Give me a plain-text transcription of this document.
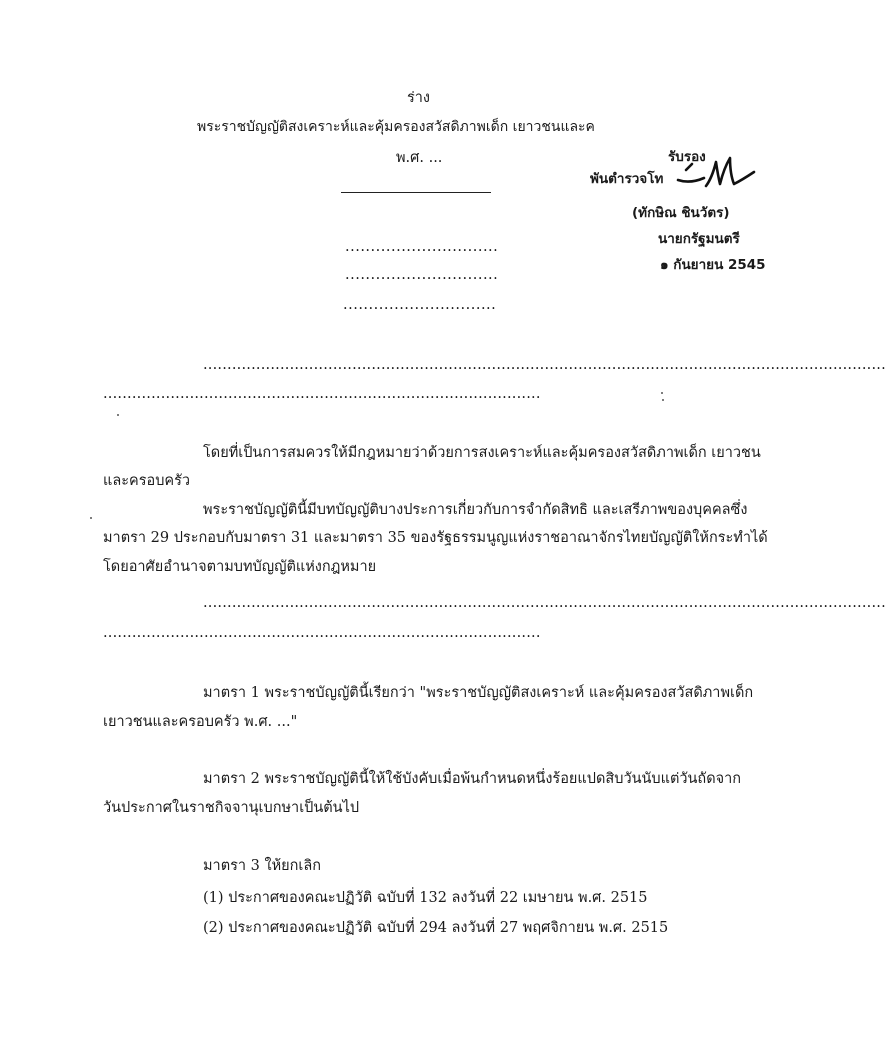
ร่าง
พระราชบัญญัติสงเคราะห์และคุ้มครองสวัสดิภาพเด็ก เยาวชนและค
พ.ศ. ...	รับรอง
พันตำรวจโท
(ทักษิณ ชินวัตร)
นายกรัฐมนตรี
๑ กันยายน 2545
..............................
..............................
..............................
..............................................................................................................................................
...........................................................................................
โดยที่เป็นการสมควรให้มีกฎหมายว่าด้วยการสงเคราะห์และคุ้มครองสวัสดิภาพเด็ก เยาวชน
และครอบครัว
พระราชบัญญัตินี้มีบทบัญญัติบางประการเกี่ยวกับการจำกัดสิทธิ และเสรีภาพของบุคคลซึ่ง
มาตรา 29 ประกอบกับมาตรา 31 และมาตรา 35 ของรัฐธรรมนูญแห่งราชอาณาจักรไทยบัญญัติให้กระทำได้
โดยอาศัยอำนาจตามบทบัญญัติแห่งกฎหมาย
..............................................................................................................................................
...........................................................................................
มาตรา 1 พระราชบัญญัตินี้เรียกว่า "พระราชบัญญัติสงเคราะห์ และคุ้มครองสวัสดิภาพเด็ก
เยาวชนและครอบครัว พ.ศ. ..."
มาตรา 2 พระราชบัญญัตินี้ให้ใช้บังคับเมื่อพ้นกำหนดหนึ่งร้อยแปดสิบวันนับแต่วันถัดจาก
วันประกาศในราชกิจจานุเบกษาเป็นต้นไป
มาตรา 3 ให้ยกเลิก
(1) ประกาศของคณะปฏิวัติ ฉบับที่ 132 ลงวันที่ 22 เมษายน พ.ศ. 2515
(2) ประกาศของคณะปฏิวัติ ฉบับที่ 294 ลงวันที่ 27 พฤศจิกายน พ.ศ. 2515
